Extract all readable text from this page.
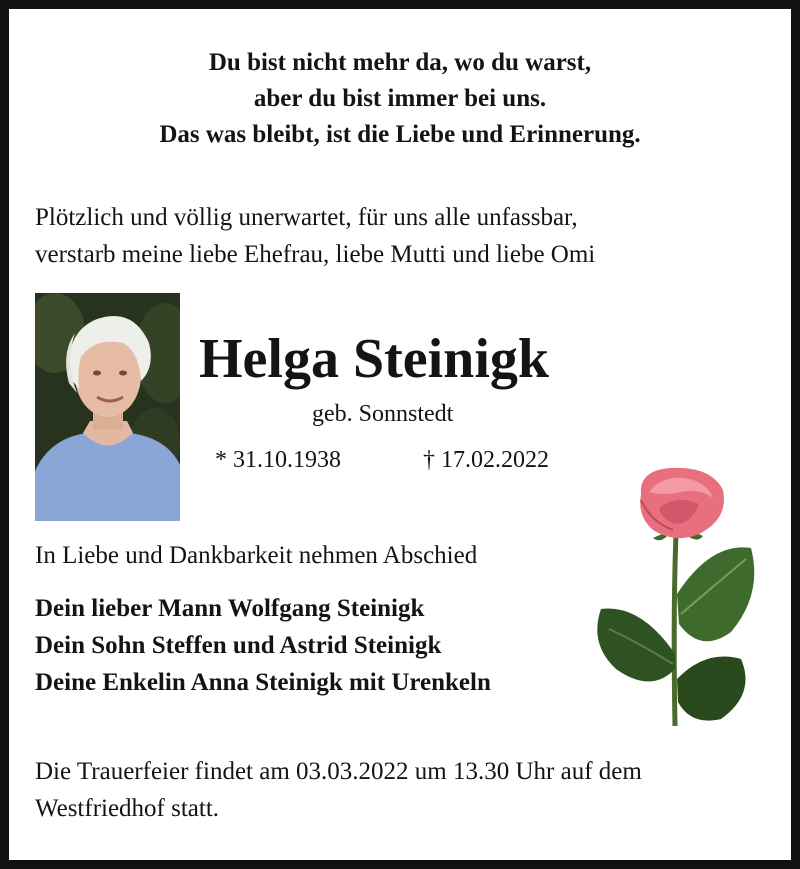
Du bist nicht mehr da, wo du warst,
aber du bist immer bei uns.
Das was bleibt, ist die Liebe und Erinnerung.
Plötzlich und völlig unerwartet, für uns alle unfassbar,
verstarb meine liebe Ehefrau, liebe Mutti und liebe Omi
Helga Steinigk
geb. Sonnstedt
* 31.10.1938	† 17.02.2022
In Liebe und Dankbarkeit nehmen Abschied
Dein lieber Mann Wolfgang Steinigk
Dein Sohn Steffen und Astrid Steinigk
Deine Enkelin Anna Steinigk mit Urenkeln
Die Trauerfeier findet am 03.03.2022 um 13.30 Uhr auf dem
Westfriedhof statt.
